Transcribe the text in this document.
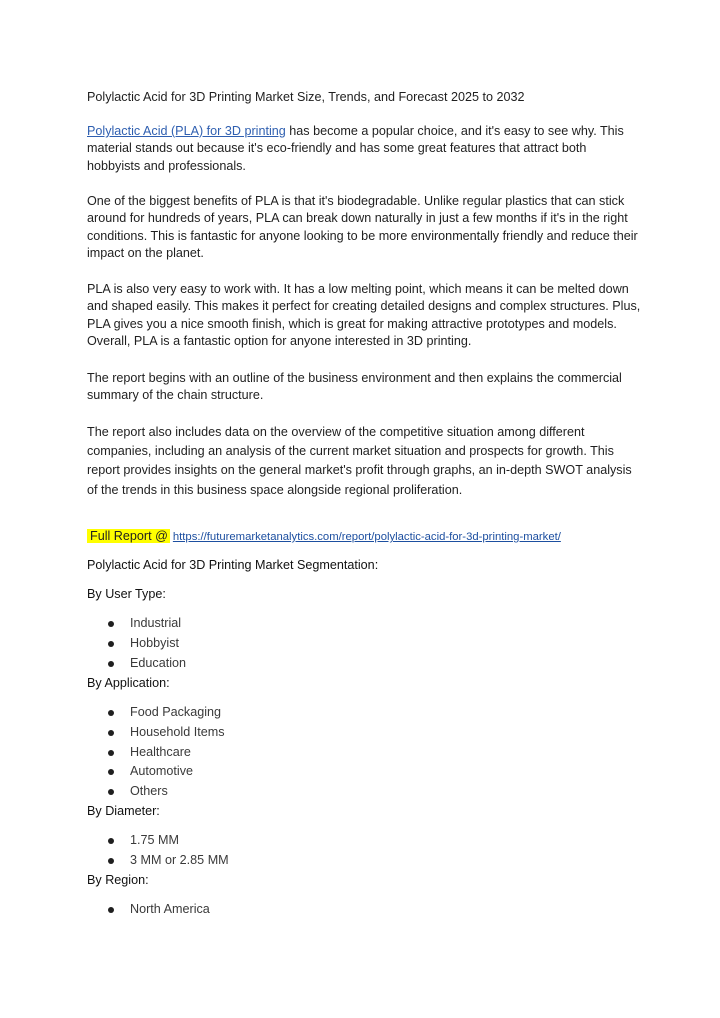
Polylactic Acid for 3D Printing Market Size, Trends, and Forecast 2025 to 2032
Polylactic Acid (PLA) for 3D printing has become a popular choice, and it's easy to see why. This material stands out because it's eco-friendly and has some great features that attract both hobbyists and professionals.
One of the biggest benefits of PLA is that it's biodegradable. Unlike regular plastics that can stick around for hundreds of years, PLA can break down naturally in just a few months if it's in the right conditions. This is fantastic for anyone looking to be more environmentally friendly and reduce their impact on the planet.
PLA is also very easy to work with. It has a low melting point, which means it can be melted down and shaped easily. This makes it perfect for creating detailed designs and complex structures. Plus, PLA gives you a nice smooth finish, which is great for making attractive prototypes and models. Overall, PLA is a fantastic option for anyone interested in 3D printing.
The report begins with an outline of the business environment and then explains the commercial summary of the chain structure.
The report also includes data on the overview of the competitive situation among different companies, including an analysis of the current market situation and prospects for growth. This report provides insights on the general market's profit through graphs, an in-depth SWOT analysis of the trends in this business space alongside regional proliferation.
Full Report @ https://futuremarketanalytics.com/report/polylactic-acid-for-3d-printing-market/
Polylactic Acid for 3D Printing Market Segmentation:
By User Type:
Industrial
Hobbyist
Education
By Application:
Food Packaging
Household Items
Healthcare
Automotive
Others
By Diameter:
1.75 MM
3 MM or 2.85 MM
By Region:
North America
